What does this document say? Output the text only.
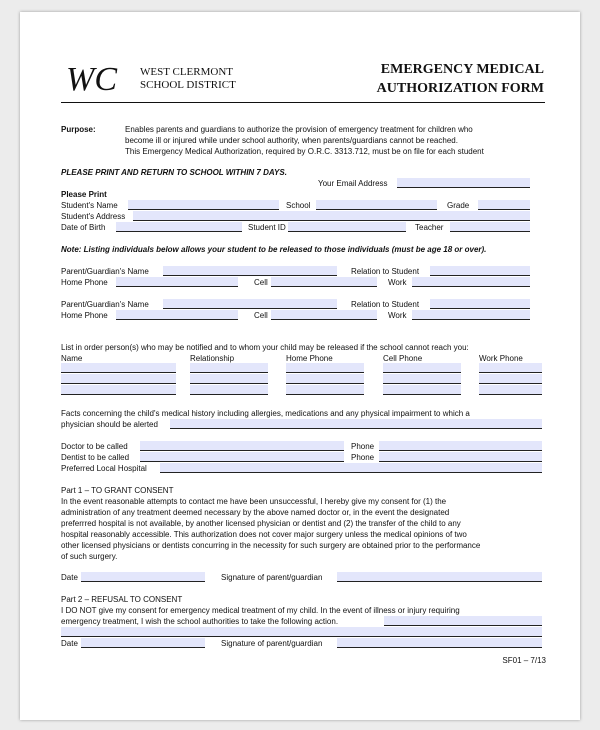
WC WEST CLERMONT
SCHOOL DISTRICT
EMERGENCY MEDICAL
AUTHORIZATION FORM
Purpose:	Enables parents and guardians to authorize the provision of emergency treatment for children who
become ill or injured while under school authority, when parents/guardians cannot be reached.
This Emergency Medical Authorization, required by O.R.C. 3313.712, must be on file for each student
PLEASE PRINT AND RETURN TO SCHOOL WITHIN 7 DAYS.
Your Email Address
Please Print
Student's Name	School	Grade
Student's Address
Date of Birth	Student ID	Teacher
Note: Listing individuals below allows your student to be released to those individuals (must be age 18 or over).
Parent/Guardian's Name	Relation to Student
Home Phone	Cell	Work
Parent/Guardian's Name	Relation to Student
Home Phone	Cell	Work
List in order person(s) who may be notified and to whom your child may be released if the school cannot reach you:
Name	Relationship	Home Phone	Cell Phone	Work Phone
Facts concerning the child's medical history including allergies, medications and any physical impairment to which a
physician should be alerted
Doctor to be called	Phone
Dentist to be called	Phone
Preferred Local Hospital
Part 1 – TO GRANT CONSENT
In the event reasonable attempts to contact me have been unsuccessful, I hereby give my consent for (1) the
administration of any treatment deemed necessary by the above named doctor or, in the event the designated
preferrred hospital is not available, by another licensed physician or dentist and (2) the transfer of the child to any
hospital reasonably accessible. This authorization does not cover major surgery unless the medical opinions of two
other licensed physicians or dentists concurring in the necessity for such surgery are obtained prior to the performance
of such surgery.
Date	Signature of parent/guardian
Part 2 – REFUSAL TO CONSENT
I DO NOT give my consent for emergency medical treatment of my child. In the event of illness or injury requiring
emergency treatment, I wish the school authorities to take the following action.
Date	Signature of parent/guardian
SF01 – 7/13
